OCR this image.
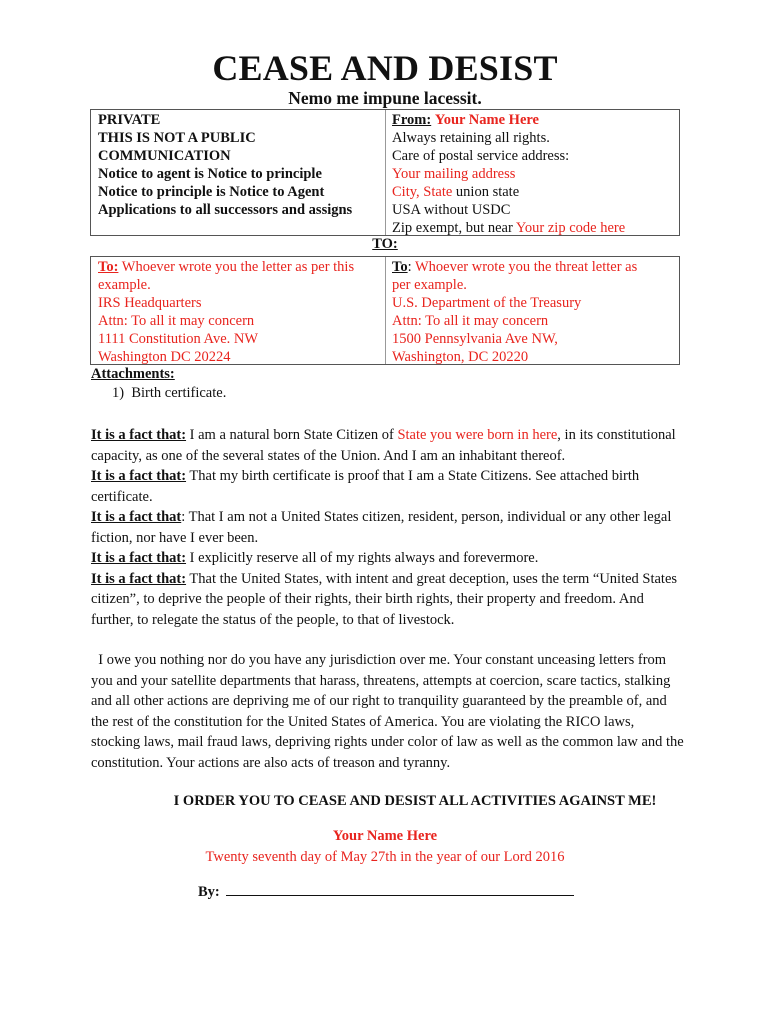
CEASE AND DESIST
Nemo me impune lacessit.
PRIVATE
THIS IS NOT A PUBLIC
COMMUNICATION
Notice to agent is Notice to principle
Notice to principle is Notice to Agent
Applications to all successors and assigns
From: Your Name Here
Always retaining all rights.
Care of postal service address:
Your mailing address
City, State union state
USA without USDC
Zip exempt, but near Your zip code here
TO:
To: Whoever wrote you the letter as per this
example.
IRS Headquarters
Attn: To all it may concern
1111 Constitution Ave. NW
Washington DC 20224
To: Whoever wrote you the threat letter as
per example.
U.S. Department of the Treasury
Attn: To all it may concern
1500 Pennsylvania Ave NW,
Washington, DC 20220
Attachments:
1)  Birth certificate.

It is a fact that: I am a natural born State Citizen of State you were born in here, in its constitutional capacity, as one of the several states of the Union. And I am an inhabitant thereof.

It is a fact that: That my birth certificate is proof that I am a State Citizens. See attached birth certificate.

It is a fact that: That I am not a United States citizen, resident, person, individual or any other legal fiction, nor have I ever been.

It is a fact that: I explicitly reserve all of my rights always and forevermore.

It is a fact that: That the United States, with intent and great deception, uses the term “United States citizen”, to deprive the people of their rights, their birth rights, their property and freedom. And further, to relegate the status of the people, to that of livestock.

I owe you nothing nor do you have any jurisdiction over me. Your constant unceasing letters from you and your satellite departments that harass, threatens, attempts at coercion, scare tactics, stalking and all other actions are depriving me of our right to tranquility guaranteed by the preamble of, and the rest of the constitution for the United States of America. You are violating the RICO laws, stocking laws, mail fraud laws, depriving rights under color of law as well as the common law and the constitution. Your actions are also acts of treason and tyranny.
I ORDER YOU TO CEASE AND DESIST ALL ACTIVITIES AGAINST ME!
Your Name Here
Twenty seventh day of May 27th in the year of our Lord 2016
By:
